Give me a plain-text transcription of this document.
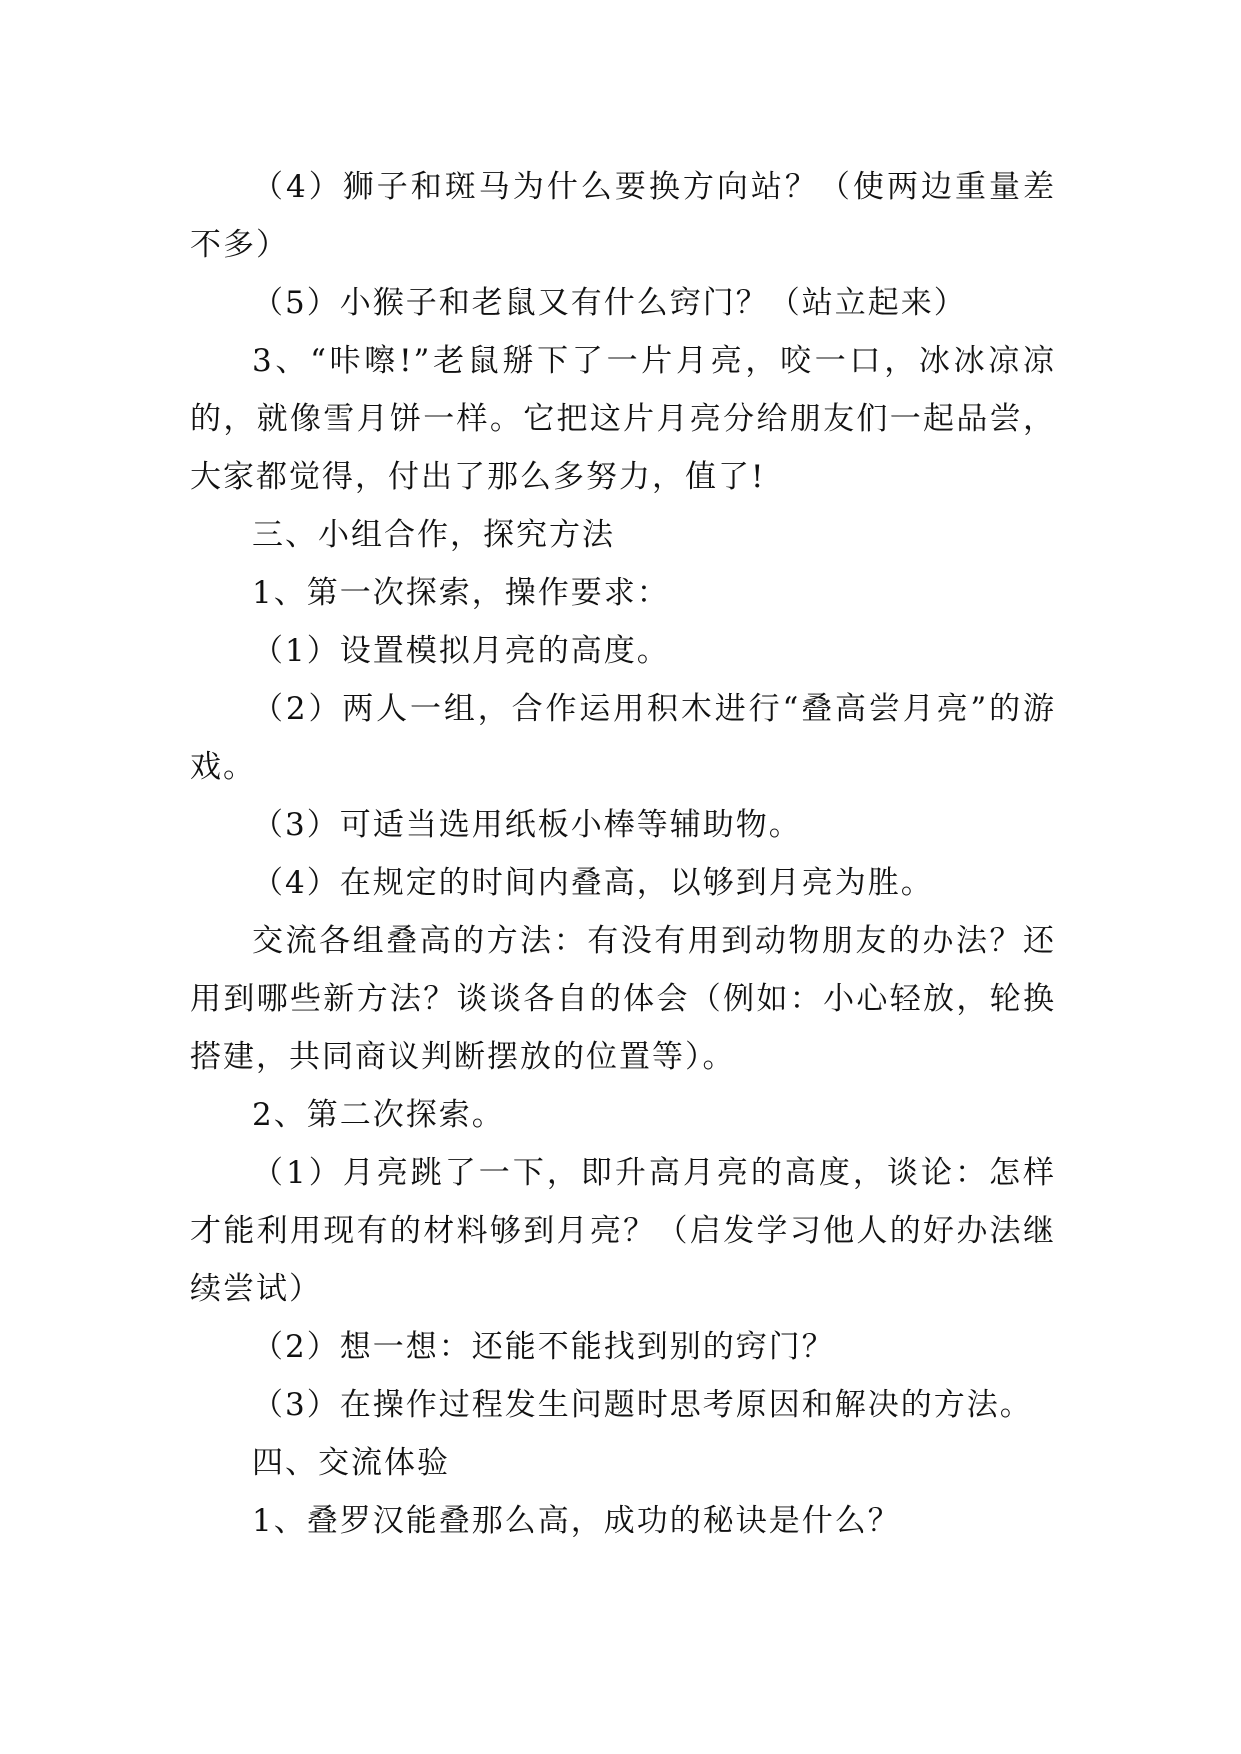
（4）狮子和斑马为什么要换方向站？（使两边重量差不多）

（5）小猴子和老鼠又有什么窍门？（站立起来）

3、“咔嚓!”老鼠掰下了一片月亮，咬一口，冰冰凉凉的，就像雪月饼一样。它把这片月亮分给朋友们一起品尝，大家都觉得，付出了那么多努力，值了!

三、小组合作，探究方法

1、第一次探索，操作要求：

（1）设置模拟月亮的高度。

（2）两人一组，合作运用积木进行“叠高尝月亮”的游戏。

（3）可适当选用纸板小棒等辅助物。

（4）在规定的时间内叠高，以够到月亮为胜。

交流各组叠高的方法：有没有用到动物朋友的办法？还用到哪些新方法？谈谈各自的体会（例如：小心轻放，轮换搭建，共同商议判断摆放的位置等）。

2、第二次探索。

（1）月亮跳了一下，即升高月亮的高度，谈论：怎样才能利用现有的材料够到月亮？（启发学习他人的好办法继续尝试）

（2）想一想：还能不能找到别的窍门？

（3）在操作过程发生问题时思考原因和解决的方法。

四、交流体验

1、叠罗汉能叠那么高，成功的秘诀是什么？
